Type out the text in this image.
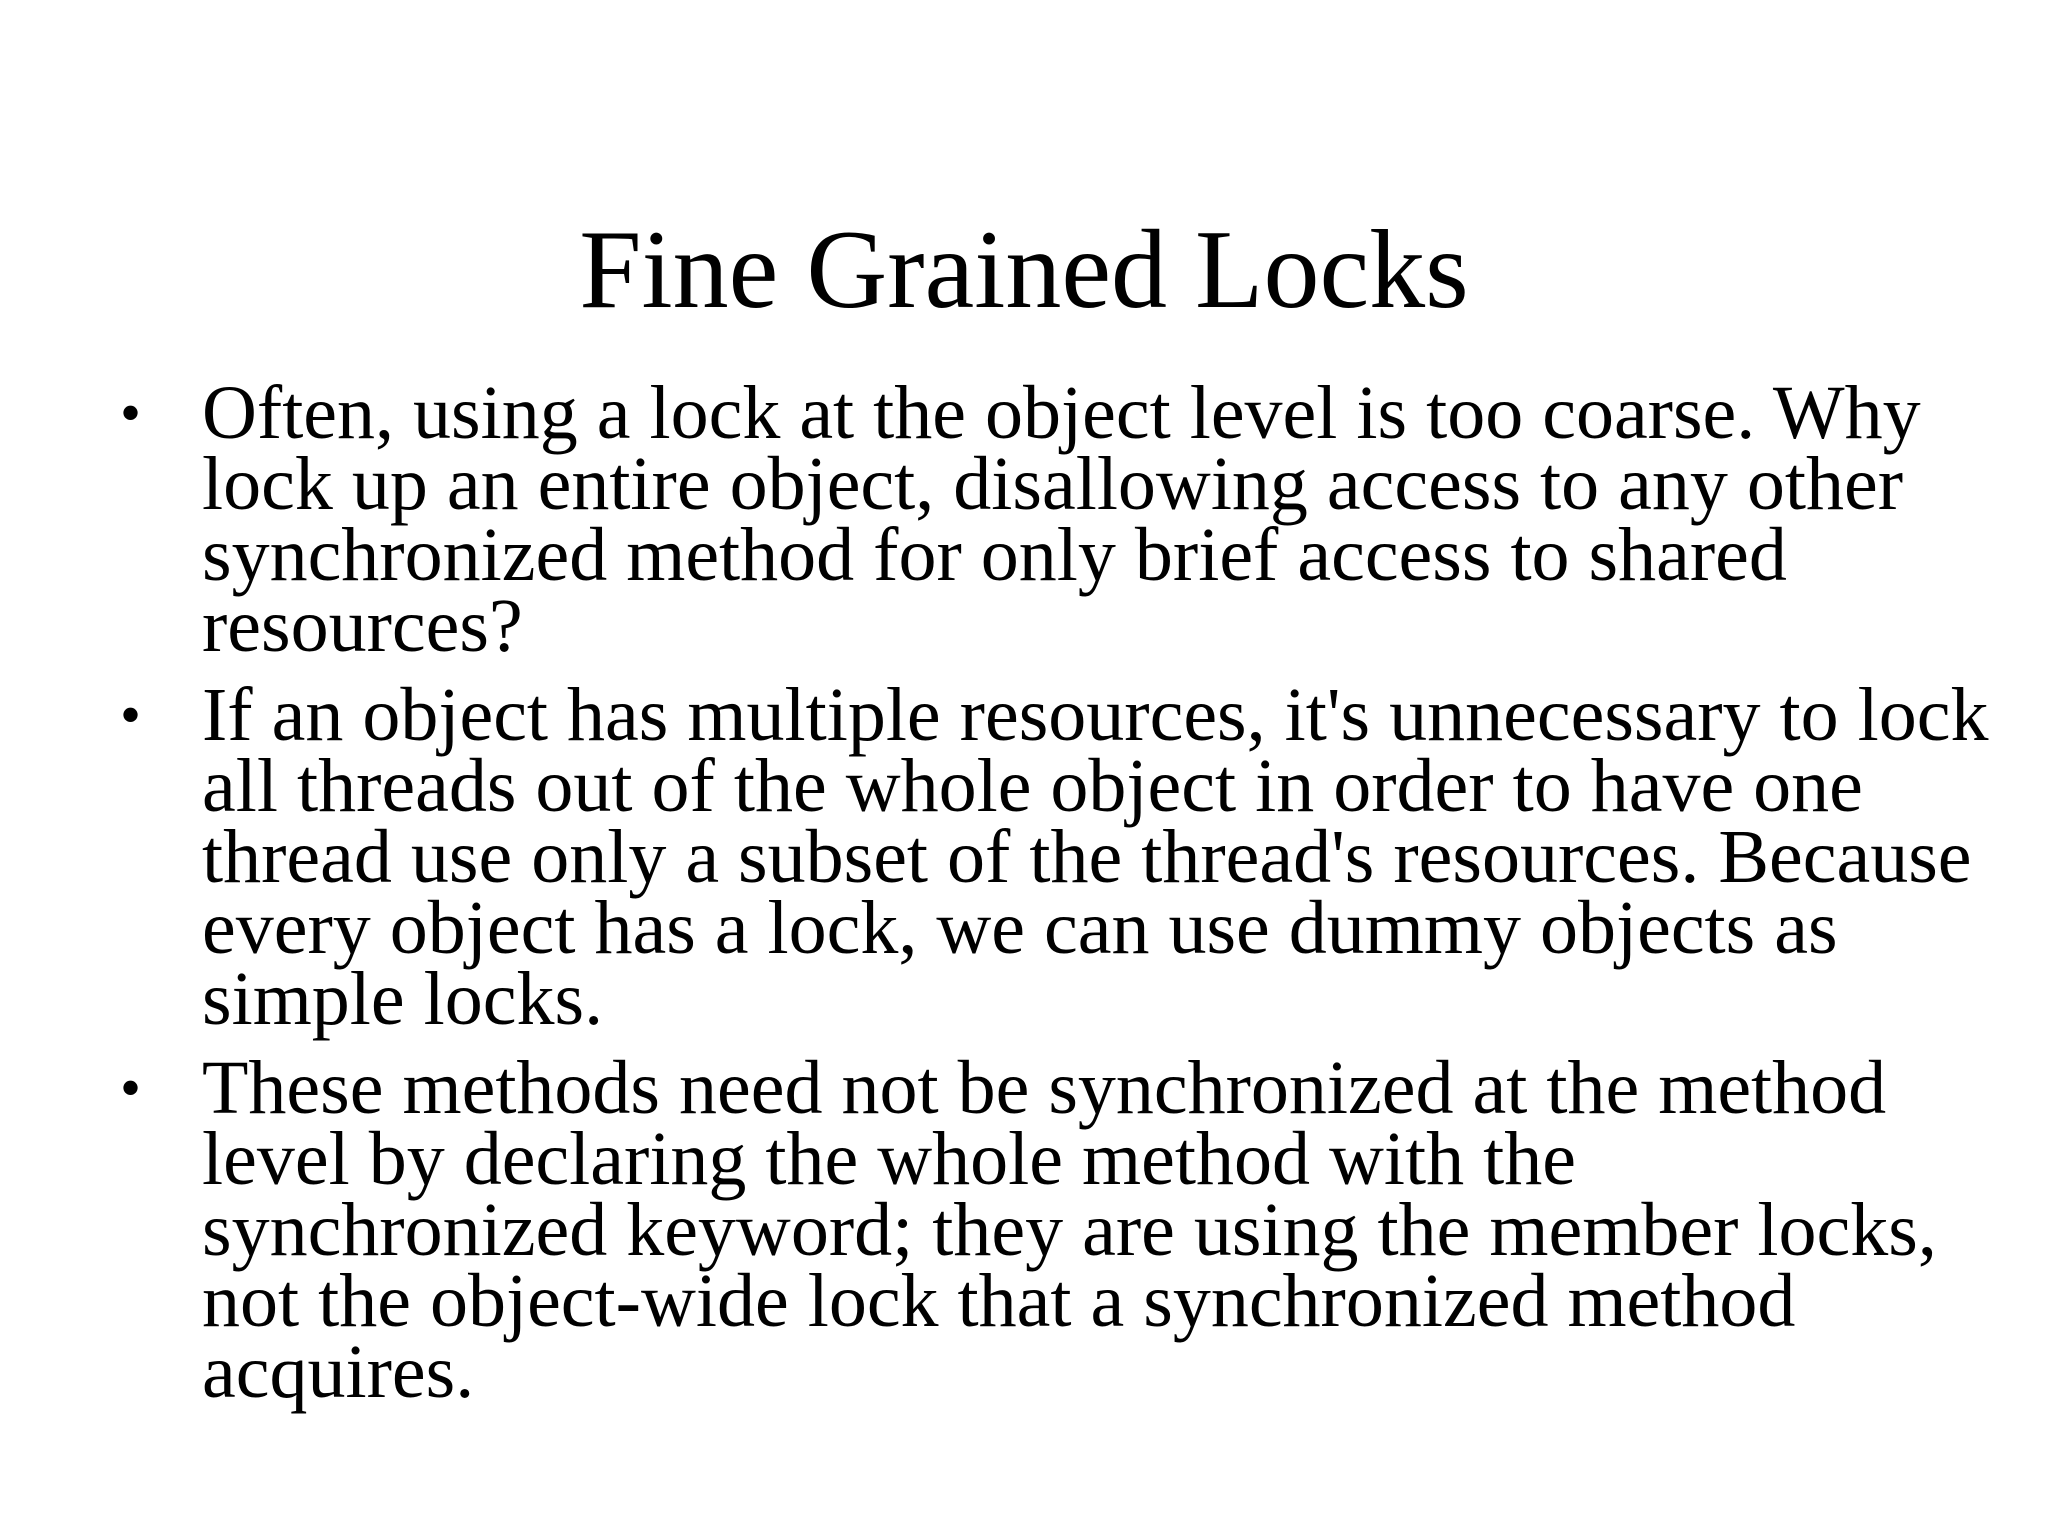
Fine Grained Locks
• Often, using a lock at the object level is too coarse. Why lock up an entire object, disallowing access to any other synchronized method for only brief access to shared resources?
• If an object has multiple resources, it's unnecessary to lock all threads out of the whole object in order to have one thread use only a subset of the thread's resources. Because every object has a lock, we can use dummy objects as simple locks.
• These methods need not be synchronized at the method level by declaring the whole method with the synchronized keyword; they are using the member locks, not the object-wide lock that a synchronized method acquires.
